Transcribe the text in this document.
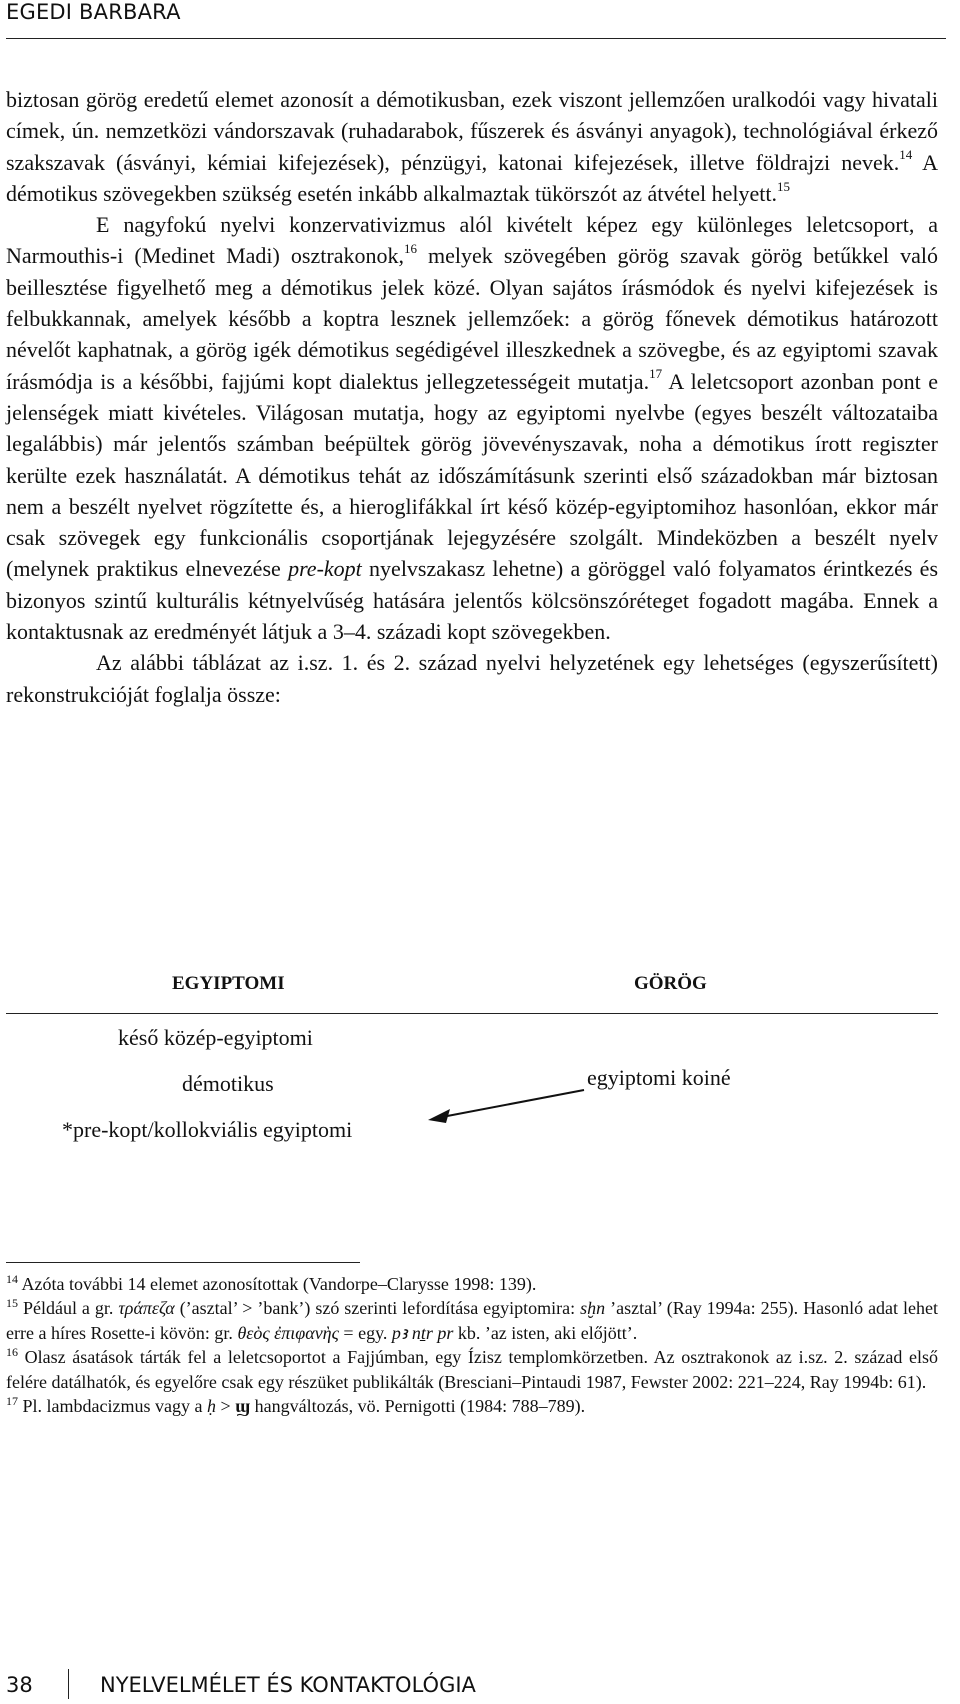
EGEDI BARBARA

biztosan görög eredetű elemet azonosít a démotikusban, ezek viszont jellemzően uralkodói vagy hivatali címek, ún. nemzetközi vándorszavak (ruhadarabok, fűszerek és ásványi anyagok), technológiával érkező szakszavak (ásványi, kémiai kifejezések), pénzügyi, katonai kifejezések, illetve földrajzi nevek.$^{14}$ A démotikus szövegekben szükség esetén inkább alkalmaztak tükörszót az átvétel helyett.$^{15}$

E nagyfokú nyelvi konzervativizmus alól kivételt képez egy különleges leletcsoport, a Narmouthis-i (Medinet Madi) osztrakonok,$^{16}$ melyek szövegében görög szavak görög betűkkel való beillesztése figyelhető meg a démotikus jelek közé. Olyan sajátos írásmódok és nyelvi kifejezések is felbukkannak, amelyek később a koptra lesznek jellemzőek: a görög főnevek démotikus határozott névelőt kaphatnak, a görög igék démotikus segédigével illeszkednek a szövegbe, és az egyiptomi szavak írásmódja is a későbbi, fajjúmi kopt dialektus jellegzetességeit mutatja.$^{17}$ A leletcsoport azonban pont e jelenségek miatt kivételes. Világosan mutatja, hogy az egyiptomi nyelvbe (egyes beszélt változataiba legalábbis) már jelentős számban beépültek görög jövevényszavak, noha a démotikus írott regiszter kerülte ezek használatát. A démotikus tehát az időszámításunk szerinti első századokban már biztosan nem a beszélt nyelvet rögzítette és, a hieroglifákkal írt késő közép-egyiptomihoz hasonlóan, ekkor már csak szövegek egy funkcionális csoportjának lejegyzésére szolgált. Mindeközben a beszélt nyelv (melynek praktikus elnevezése pre-kopt nyelvszakasz lehetne) a göröggel való folyamatos érintkezés és bizonyos szintű kulturális kétnyelvűség hatására jelentős kölcsönszóréteget fogadott magába. Ennek a kontaktusnak az eredményét látjuk a 3–4. századi kopt szövegekben.

Az alábbi táblázat az i.sz. 1. és 2. század nyelvi helyzetének egy lehetséges (egyszerűsített) rekonstrukcióját foglalja össze:

EGYIPTOMI	GÖRÖG
késő közép-egyiptomi
démotikus
*pre-kopt/kollokviális egyiptomi
egyiptomi koiné

$^{14}$ Azóta további 14 elemet azonosítottak (Vandorpe–Clarysse 1998: 139).

$^{15}$ Például a gr. τράπεζα (’asztal’ > ’bank’) szó szerinti lefordítása egyiptomira: sḫn ’asztal’ (Ray 1994a: 255). Hasonló adat lehet erre a híres Rosette-i kövön: gr. θεὸς ἐπιφανὴς = egy. pꜣ nṯr pr kb. ’az isten, aki előjött’.

$^{16}$ Olasz ásatások tárták fel a leletcsoportot a Fajjúmban, egy Ízisz templomkörzetben. Az osztrakonok az i.sz. 2. század első felére datálhatók, és egyelőre csak egy részüket publikálták (Bresciani–Pintaudi 1987, Fewster 2002: 221–224, Ray 1994b: 61).

$^{17}$ Pl. lambdacizmus vagy a ḥ > ϣ hangváltozás, vö. Pernigotti (1984: 788–789).

38	NYELVELMÉLET ÉS KONTAKTOLÓGIA
